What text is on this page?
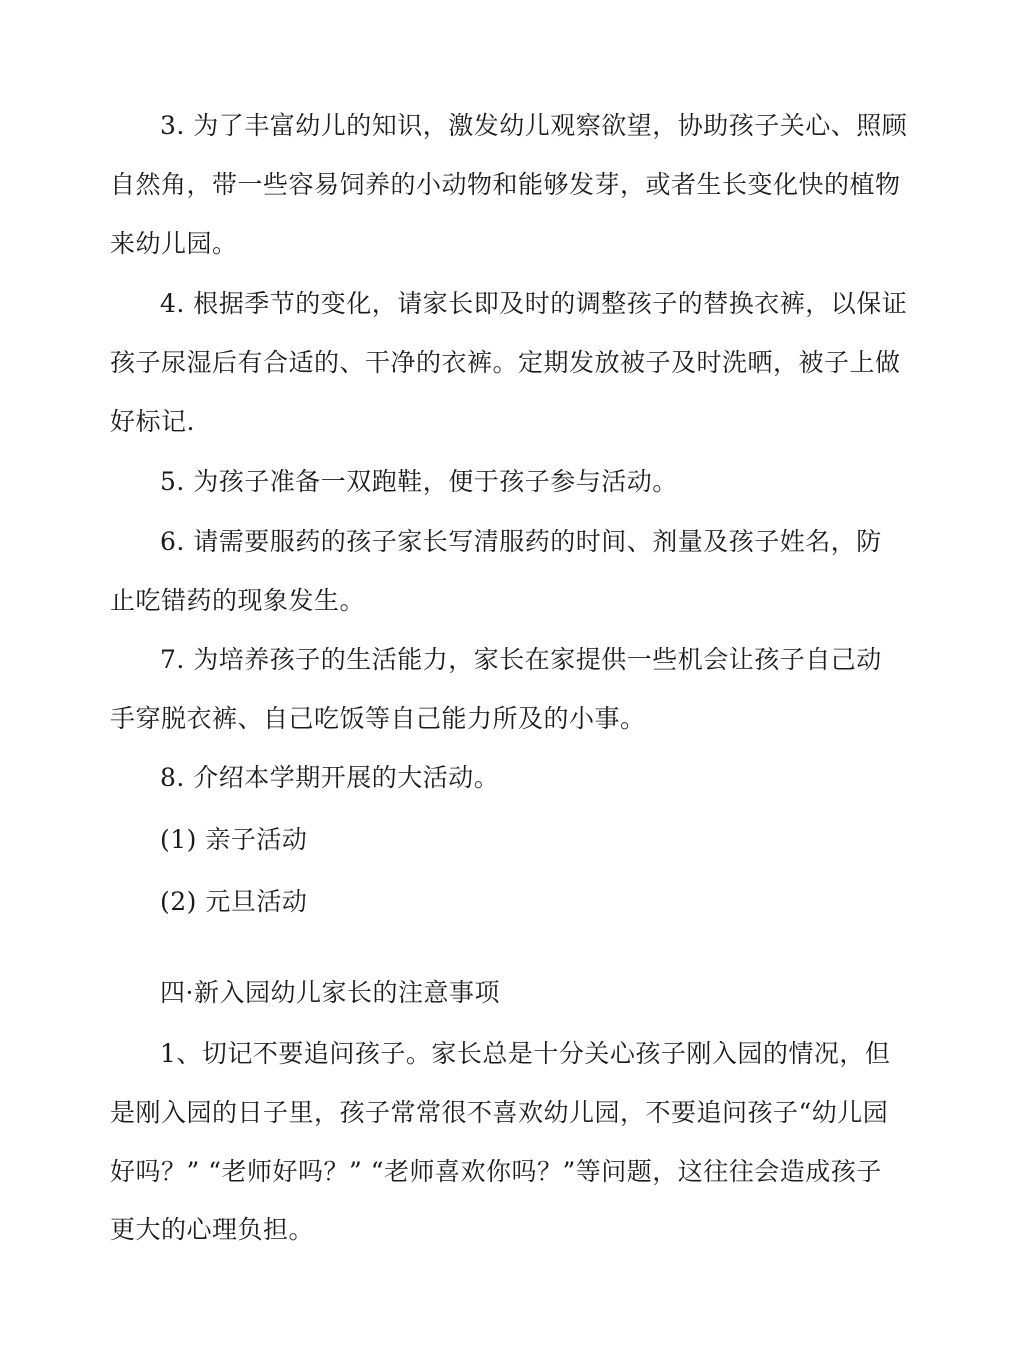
3. 为了丰富幼儿的知识，激发幼儿观察欲望，协助孩子关心、照顾
自然角，带一些容易饲养的小动物和能够发芽，或者生长变化快的植物
来幼儿园。
4. 根据季节的变化，请家长即及时的调整孩子的替换衣裤，以保证
孩子尿湿后有合适的、干净的衣裤。定期发放被子及时洗晒，被子上做
好标记.
5. 为孩子准备一双跑鞋，便于孩子参与活动。
6. 请需要服药的孩子家长写清服药的时间、剂量及孩子姓名，防
止吃错药的现象发生。
7. 为培养孩子的生活能力，家长在家提供一些机会让孩子自己动
手穿脱衣裤、自己吃饭等自己能力所及的小事。
8. 介绍本学期开展的大活动。
(1) 亲子活动
(2) 元旦活动
四·新入园幼儿家长的注意事项
1、切记不要追问孩子。家长总是十分关心孩子刚入园的情况，但
是刚入园的日子里，孩子常常很不喜欢幼儿园，不要追问孩子“幼儿园
好吗？” “老师好吗？” “老师喜欢你吗？”等问题，这往往会造成孩子
更大的心理负担。
